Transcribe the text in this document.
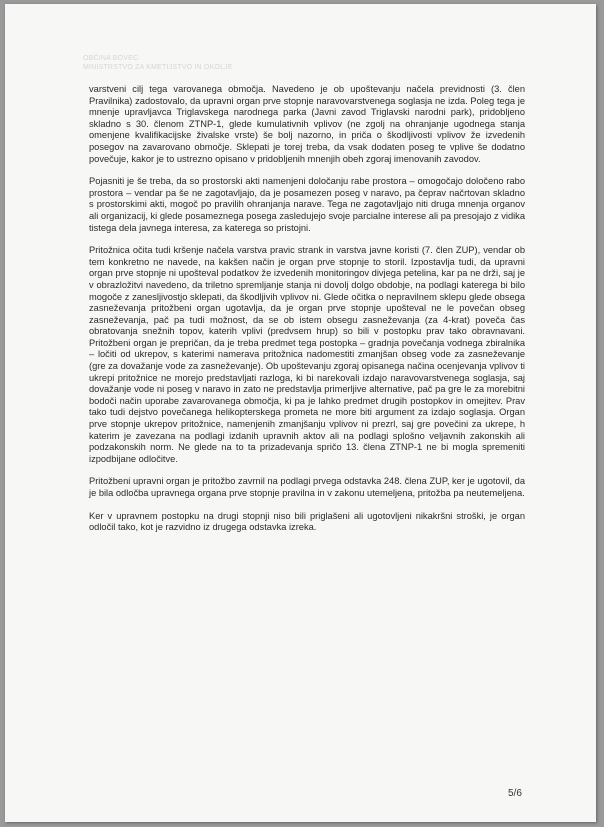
OBČINA BOVEC
MINISTRSTVO ZA KMETIJSTVO IN OKOLJE

varstveni cilj tega varovanega območja. Navedeno je ob upoštevanju načela previdnosti (3. člen Pravilnika) zadostovalo, da upravni organ prve stopnje naravovarstvenega soglasja ne izda. Poleg tega je mnenje upravljavca Triglavskega narodnega parka (Javni zavod Triglavski narodni park), pridobljeno skladno s 30. členom ZTNP-1, glede kumulativnih vplivov (ne zgolj na ohranjanje ugodnega stanja omenjene kvalifikacijske živalske vrste) še bolj nazorno, in priča o škodljivosti vplivov že izvedenih posegov na zavarovano območje. Sklepati je torej treba, da vsak dodaten poseg te vplive še dodatno povečuje, kakor je to ustrezno opisano v pridobljenih mnenjih obeh zgoraj imenovanih zavodov.

Pojasniti je še treba, da so prostorski akti namenjeni določanju rabe prostora – omogočajo določeno rabo prostora – vendar pa še ne zagotavljajo, da je posamezen poseg v naravo, pa čeprav načrtovan skladno s prostorskimi akti, mogoč po pravilih ohranjanja narave. Tega ne zagotavljajo niti druga mnenja organov ali organizacij, ki glede posameznega posega zasledujejo svoje parcialne interese ali pa presojajo z vidika tistega dela javnega interesa, za katerega so pristojni.

Pritožnica očita tudi kršenje načela varstva pravic strank in varstva javne koristi (7. člen ZUP), vendar ob tem konkretno ne navede, na kakšen način je organ prve stopnje to storil. Izpostavlja tudi, da upravni organ prve stopnje ni upošteval podatkov že izvedenih monitoringov divjega petelina, kar pa ne drži, saj je v obrazložitvi navedeno, da triletno spremljanje stanja ni dovolj dolgo obdobje, na podlagi katerega bi bilo mogoče z zanesljivostjo sklepati, da škodljivih vplivov ni. Glede očitka o nepravilnem sklepu glede obsega zasneževanja pritožbeni organ ugotavlja, da je organ prve stopnje upošteval ne le povečan obseg zasneževanja, pač pa tudi možnost, da se ob istem obsegu zasneževanja (za 4-krat) poveča čas obratovanja snežnih topov, katerih vplivi (predvsem hrup) so bili v postopku prav tako obravnavani. Pritožbeni organ je prepričan, da je treba predmet tega postopka – gradnja povečanja vodnega zbiralnika – ločiti od ukrepov, s katerimi namerava pritožnica nadomestiti zmanjšan obseg vode za zasneževanje (gre za dovažanje vode za zasneževanje). Ob upoštevanju zgoraj opisanega načina ocenjevanja vplivov ti ukrepi pritožnice ne morejo predstavljati razloga, ki bi narekovali izdajo naravovarstvenega soglasja, saj dovažanje vode ni poseg v naravo in zato ne predstavlja primerljive alternative, pač pa gre le za morebitni bodoči način uporabe zavarovanega območja, ki pa je lahko predmet drugih postopkov in omejitev. Prav tako tudi dejstvo povečanega helikopterskega prometa ne more biti argument za izdajo soglasja. Organ prve stopnje ukrepov pritožnice, namenjenih zmanjšanju vplivov ni prezrl, saj gre povečini za ukrepe, h katerim je zavezana na podlagi izdanih upravnih aktov ali na podlagi splošno veljavnih zakonskih ali podzakonskih norm. Ne glede na to ta prizadevanja spričo 13. člena ZTNP-1 ne bi mogla spremeniti izpodbijane odločitve.

Pritožbeni upravni organ je pritožbo zavrnil na podlagi prvega odstavka 248. člena ZUP, ker je ugotovil, da je bila odločba upravnega organa prve stopnje pravilna in v zakonu utemeljena, pritožba pa neutemeljena.

Ker v upravnem postopku na drugi stopnji niso bili priglašeni ali ugotovljeni nikakršni stroški, je organ odločil tako, kot je razvidno iz drugega odstavka izreka.

5/6
